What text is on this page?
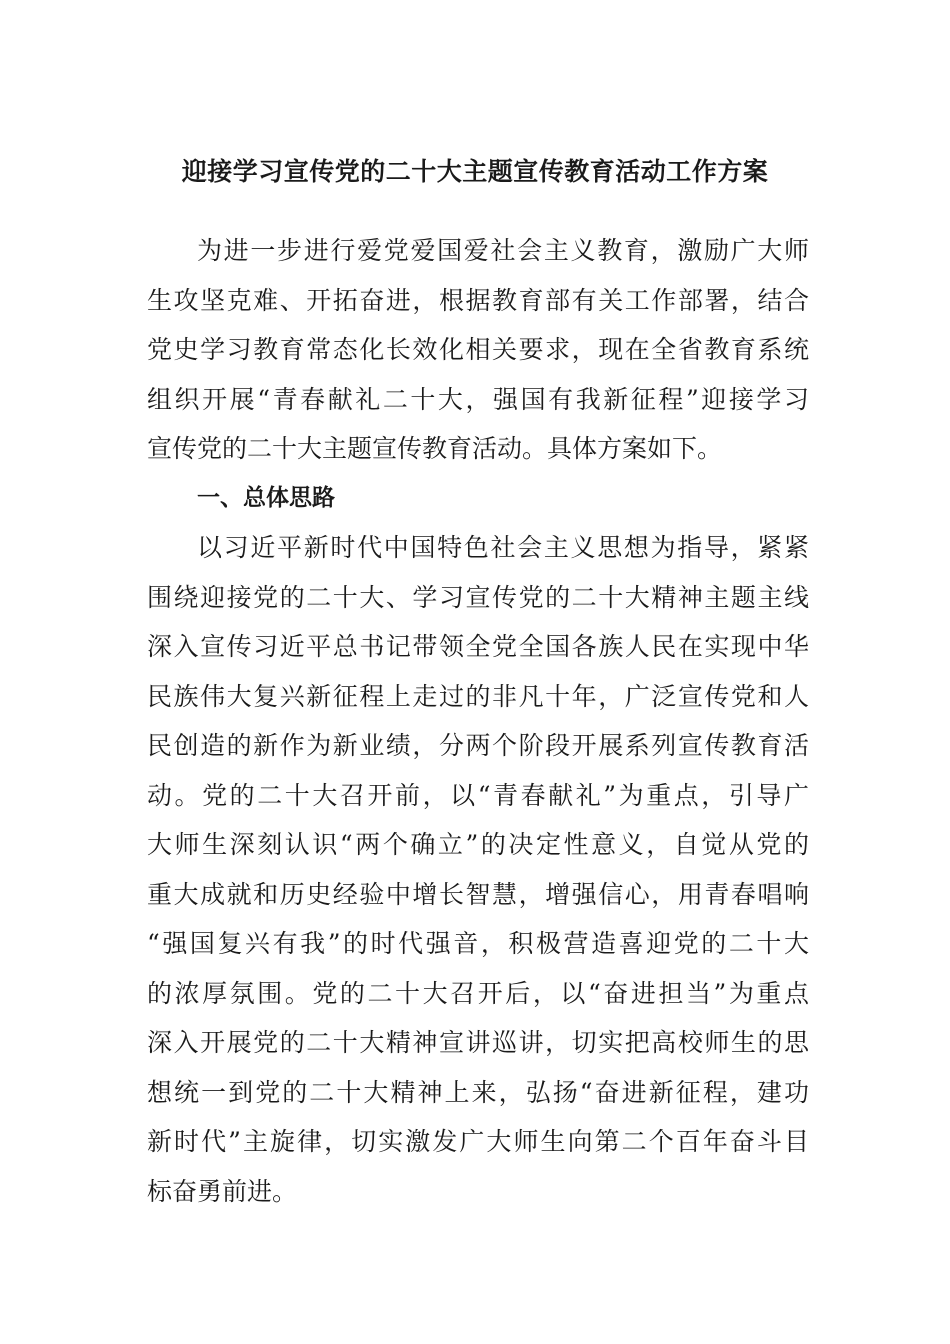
迎接学习宣传党的二十大主题宣传教育活动工作方案
为进一步进行爱党爱国爱社会主义教育，激励广大师
生攻坚克难、开拓奋进，根据教育部有关工作部署，结合
党史学习教育常态化长效化相关要求，现在全省教育系统
组织开展“青春献礼二十大，强国有我新征程”迎接学习
宣传党的二十大主题宣传教育活动。具体方案如下。
一、总体思路
以习近平新时代中国特色社会主义思想为指导，紧紧
围绕迎接党的二十大、学习宣传党的二十大精神主题主线
深入宣传习近平总书记带领全党全国各族人民在实现中华
民族伟大复兴新征程上走过的非凡十年，广泛宣传党和人
民创造的新作为新业绩，分两个阶段开展系列宣传教育活
动。党的二十大召开前，以“青春献礼”为重点，引导广
大师生深刻认识“两个确立”的决定性意义，自觉从党的
重大成就和历史经验中增长智慧，增强信心，用青春唱响
“强国复兴有我”的时代强音，积极营造喜迎党的二十大
的浓厚氛围。党的二十大召开后，以“奋进担当”为重点
深入开展党的二十大精神宣讲巡讲，切实把高校师生的思
想统一到党的二十大精神上来，弘扬“奋进新征程，建功
新时代”主旋律，切实激发广大师生向第二个百年奋斗目
标奋勇前进。
